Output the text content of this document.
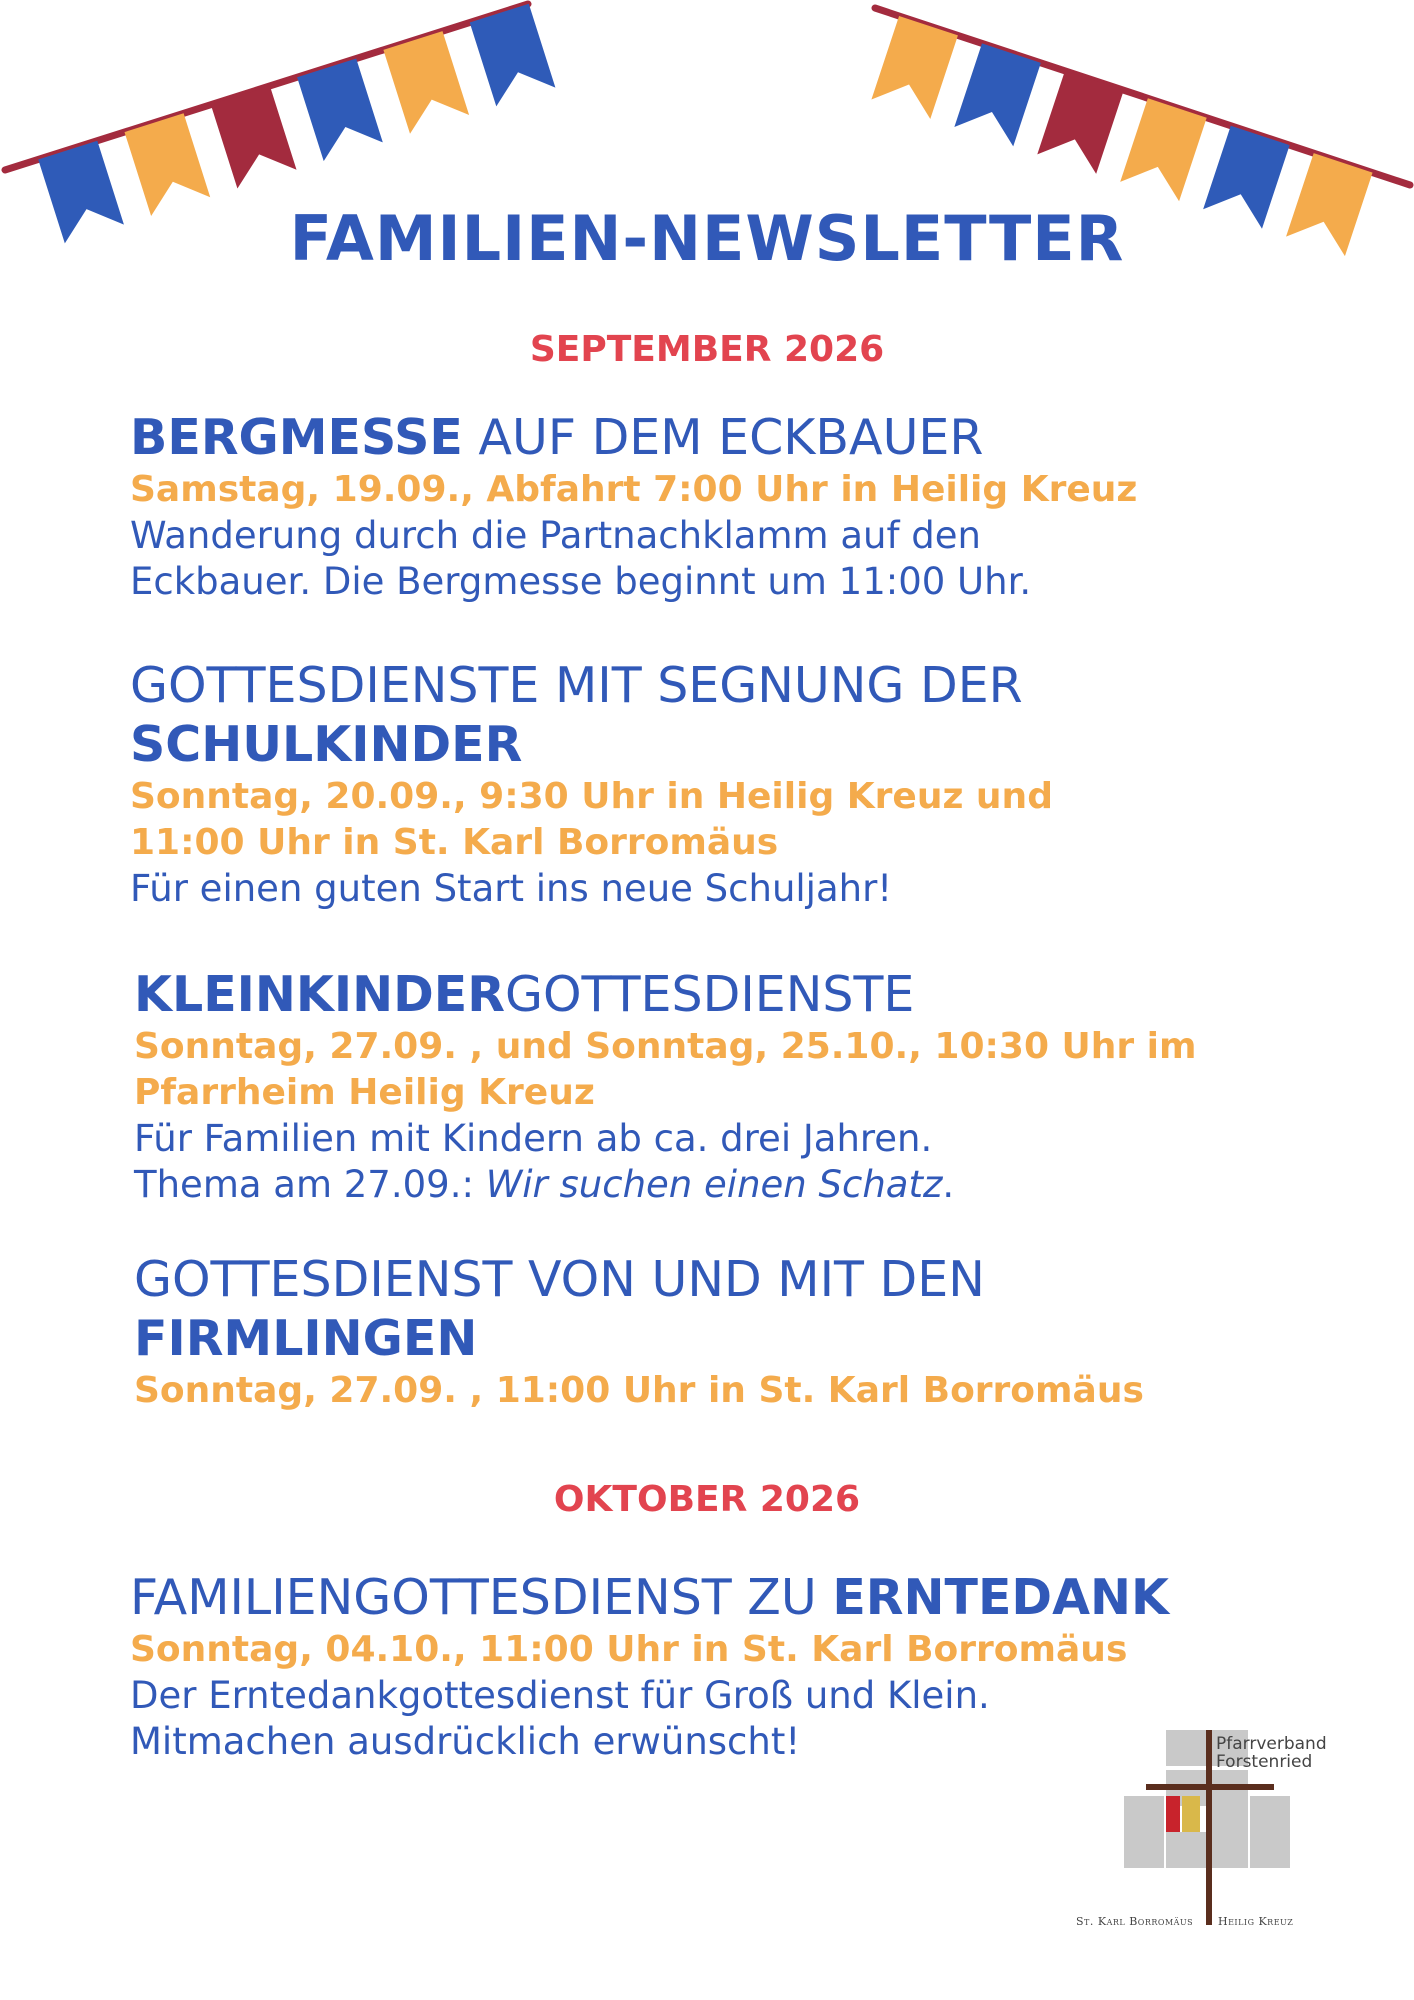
FAMILIEN-NEWSLETTER
SEPTEMBER 2026
BERGMESSE AUF DEM ECKBAUER
Samstag, 19.09., Abfahrt 7:00 Uhr in Heilig Kreuz
Wanderung durch die Partnachklamm auf den
Eckbauer. Die Bergmesse beginnt um 11:00 Uhr.
GOTTESDIENSTE MIT SEGNUNG DER
SCHULKINDER
Sonntag, 20.09., 9:30 Uhr in Heilig Kreuz und
11:00 Uhr in St. Karl Borromäus
Für einen guten Start ins neue Schuljahr!
KLEINKINDERGOTTESDIENSTE
Sonntag, 27.09. , und Sonntag, 25.10., 10:30 Uhr im
Pfarrheim Heilig Kreuz
Für Familien mit Kindern ab ca. drei Jahren.
Thema am 27.09.: Wir suchen einen Schatz.
GOTTESDIENST VON UND MIT DEN
FIRMLINGEN
Sonntag, 27.09. , 11:00 Uhr in St. Karl Borromäus
OKTOBER 2026
FAMILIENGOTTESDIENST ZU ERNTEDANK
Sonntag, 04.10., 11:00 Uhr in St. Karl Borromäus
Der Erntedankgottesdienst für Groß und Klein.
Mitmachen ausdrücklich erwünscht!	Pfarrverband
Forstenried
St. Karl Borromäus Heilig Kreuz
